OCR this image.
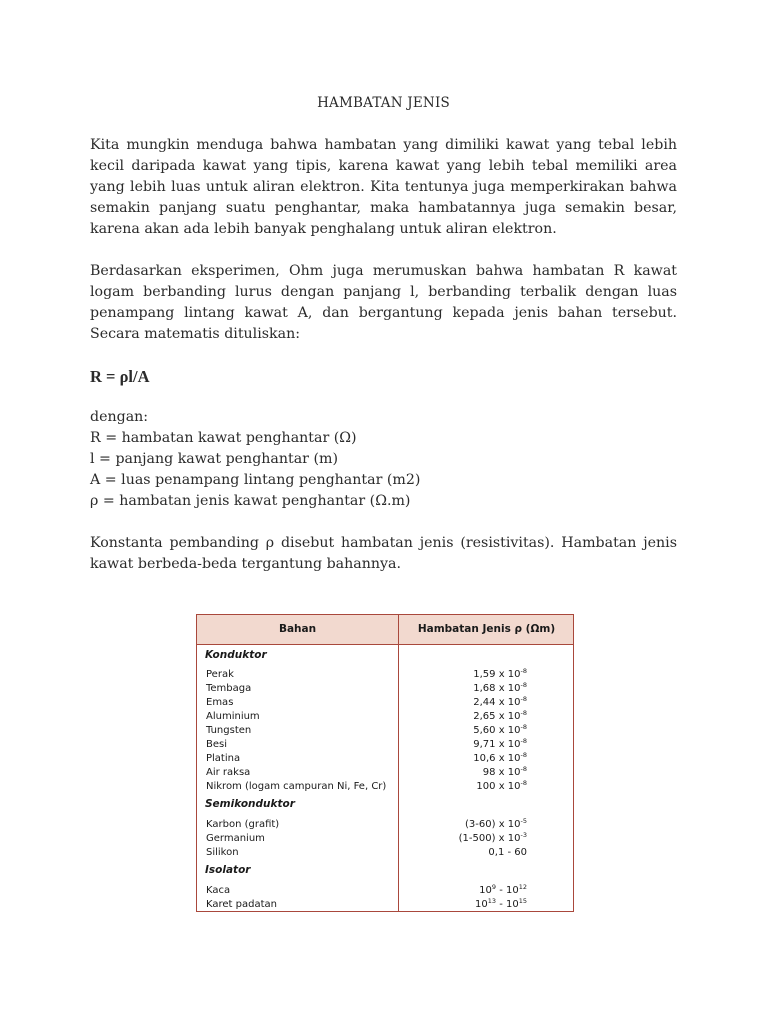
HAMBATAN JENIS

Kita mungkin menduga bahwa hambatan yang dimiliki kawat yang tebal lebih kecil daripada kawat yang tipis, karena kawat yang lebih tebal memiliki area yang lebih luas untuk aliran elektron. Kita tentunya juga memperkirakan bahwa semakin panjang suatu penghantar, maka hambatannya juga semakin besar, karena akan ada lebih banyak penghalang untuk aliran elektron.

Berdasarkan eksperimen, Ohm juga merumuskan bahwa hambatan R kawat logam berbanding lurus dengan panjang l, berbanding terbalik dengan luas penampang lintang kawat A, dan bergantung kepada jenis bahan tersebut. Secara matematis dituliskan:

R = ρl/A
dengan:
R = hambatan kawat penghantar (Ω)
l = panjang kawat penghantar (m)
A = luas penampang lintang penghantar (m2)
ρ = hambatan jenis kawat penghantar (Ω.m)

Konstanta pembanding ρ disebut hambatan jenis (resistivitas). Hambatan jenis kawat berbeda-beda tergantung bahannya.

Bahan	Hambatan Jenis ρ (Ωm)
Konduktor
Perak	1,59 x $10^{-8}$
Tembaga	1,68 x $10^{-8}$
Emas	2,44 x $10^{-8}$
Aluminium	2,65 x $10^{-8}$
Tungsten	5,60 x $10^{-8}$
Besi	9,71 x $10^{-8}$
Platina	10,6 x $10^{-8}$
Air raksa	98 x $10^{-8}$
Nikrom (logam campuran Ni, Fe, Cr)	100 x $10^{-8}$
Semikonduktor
Karbon (grafit)	(3-60) x $10^{-5}$
Germanium	(1-500) x $10^{-3}$
Silikon	0,1 - 60
Isolator
Kaca	$10^9 - 10^{12}$
Karet padatan	$10^{13} - 10^{15}$
